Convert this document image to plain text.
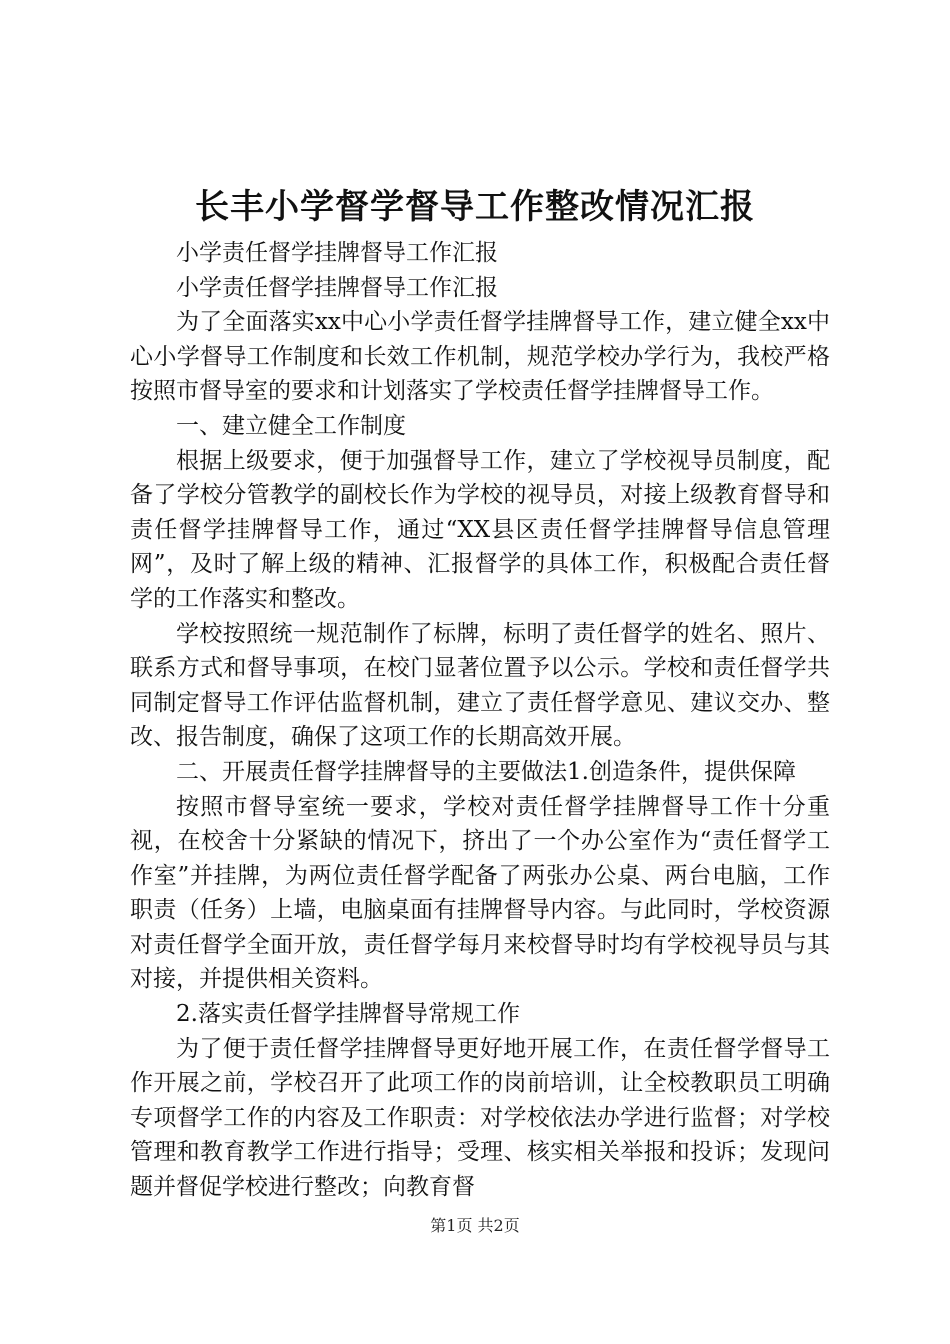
长丰小学督学督导工作整改情况汇报

小学责任督学挂牌督导工作汇报

小学责任督学挂牌督导工作汇报

为了全面落实xx中心小学责任督学挂牌督导工作，建立健全xx中心小学督导工作制度和长效工作机制，规范学校办学行为，我校严格按照市督导室的要求和计划落实了学校责任督学挂牌督导工作。

一、建立健全工作制度

根据上级要求，便于加强督导工作，建立了学校视导员制度，配备了学校分管教学的副校长作为学校的视导员，对接上级教育督导和责任督学挂牌督导工作，通过“XX县区责任督学挂牌督导信息管理网”，及时了解上级的精神、汇报督学的具体工作，积极配合责任督学的工作落实和整改。

学校按照统一规范制作了标牌，标明了责任督学的姓名、照片、联系方式和督导事项，在校门显著位置予以公示。学校和责任督学共同制定督导工作评估监督机制，建立了责任督学意见、建议交办、整改、报告制度，确保了这项工作的长期高效开展。

二、开展责任督学挂牌督导的主要做法1.创造条件，提供保障

按照市督导室统一要求，学校对责任督学挂牌督导工作十分重视，在校舍十分紧缺的情况下，挤出了一个办公室作为“责任督学工作室”并挂牌，为两位责任督学配备了两张办公桌、两台电脑，工作职责（任务）上墙，电脑桌面有挂牌督导内容。与此同时，学校资源对责任督学全面开放，责任督学每月来校督导时均有学校视导员与其对接，并提供相关资料。

2.落实责任督学挂牌督导常规工作

为了便于责任督学挂牌督导更好地开展工作，在责任督学督导工作开展之前，学校召开了此项工作的岗前培训，让全校教职员工明确专项督学工作的内容及工作职责：对学校依法办学进行监督；对学校管理和教育教学工作进行指导；受理、核实相关举报和投诉；发现问题并督促学校进行整改；向教育督

第1页 共2页
